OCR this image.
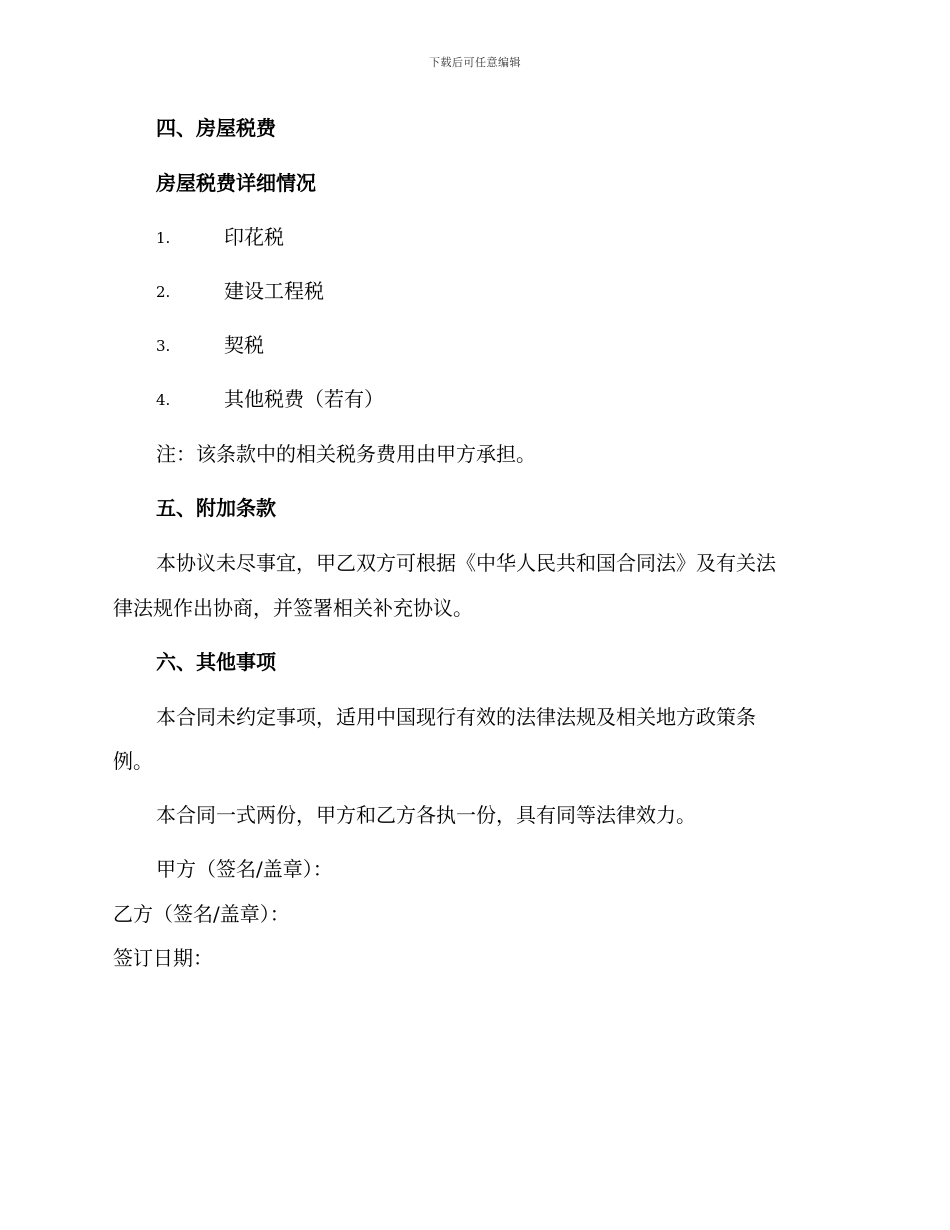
下载后可任意编辑
四、房屋税费
房屋税费详细情况
1.	印花税
2.	建设工程税
3.	契税
4.	其他税费（若有）
注：该条款中的相关税务费用由甲方承担。
五、附加条款
本协议未尽事宜，甲乙双方可根据《中华人民共和国合同法》及有关法
律法规作出协商，并签署相关补充协议。
六、其他事项
本合同未约定事项，适用中国现行有效的法律法规及相关地方政策条
例。
本合同一式两份，甲方和乙方各执一份，具有同等法律效力。
甲方（签名/盖章）：
乙方（签名/盖章）：
签订日期：
